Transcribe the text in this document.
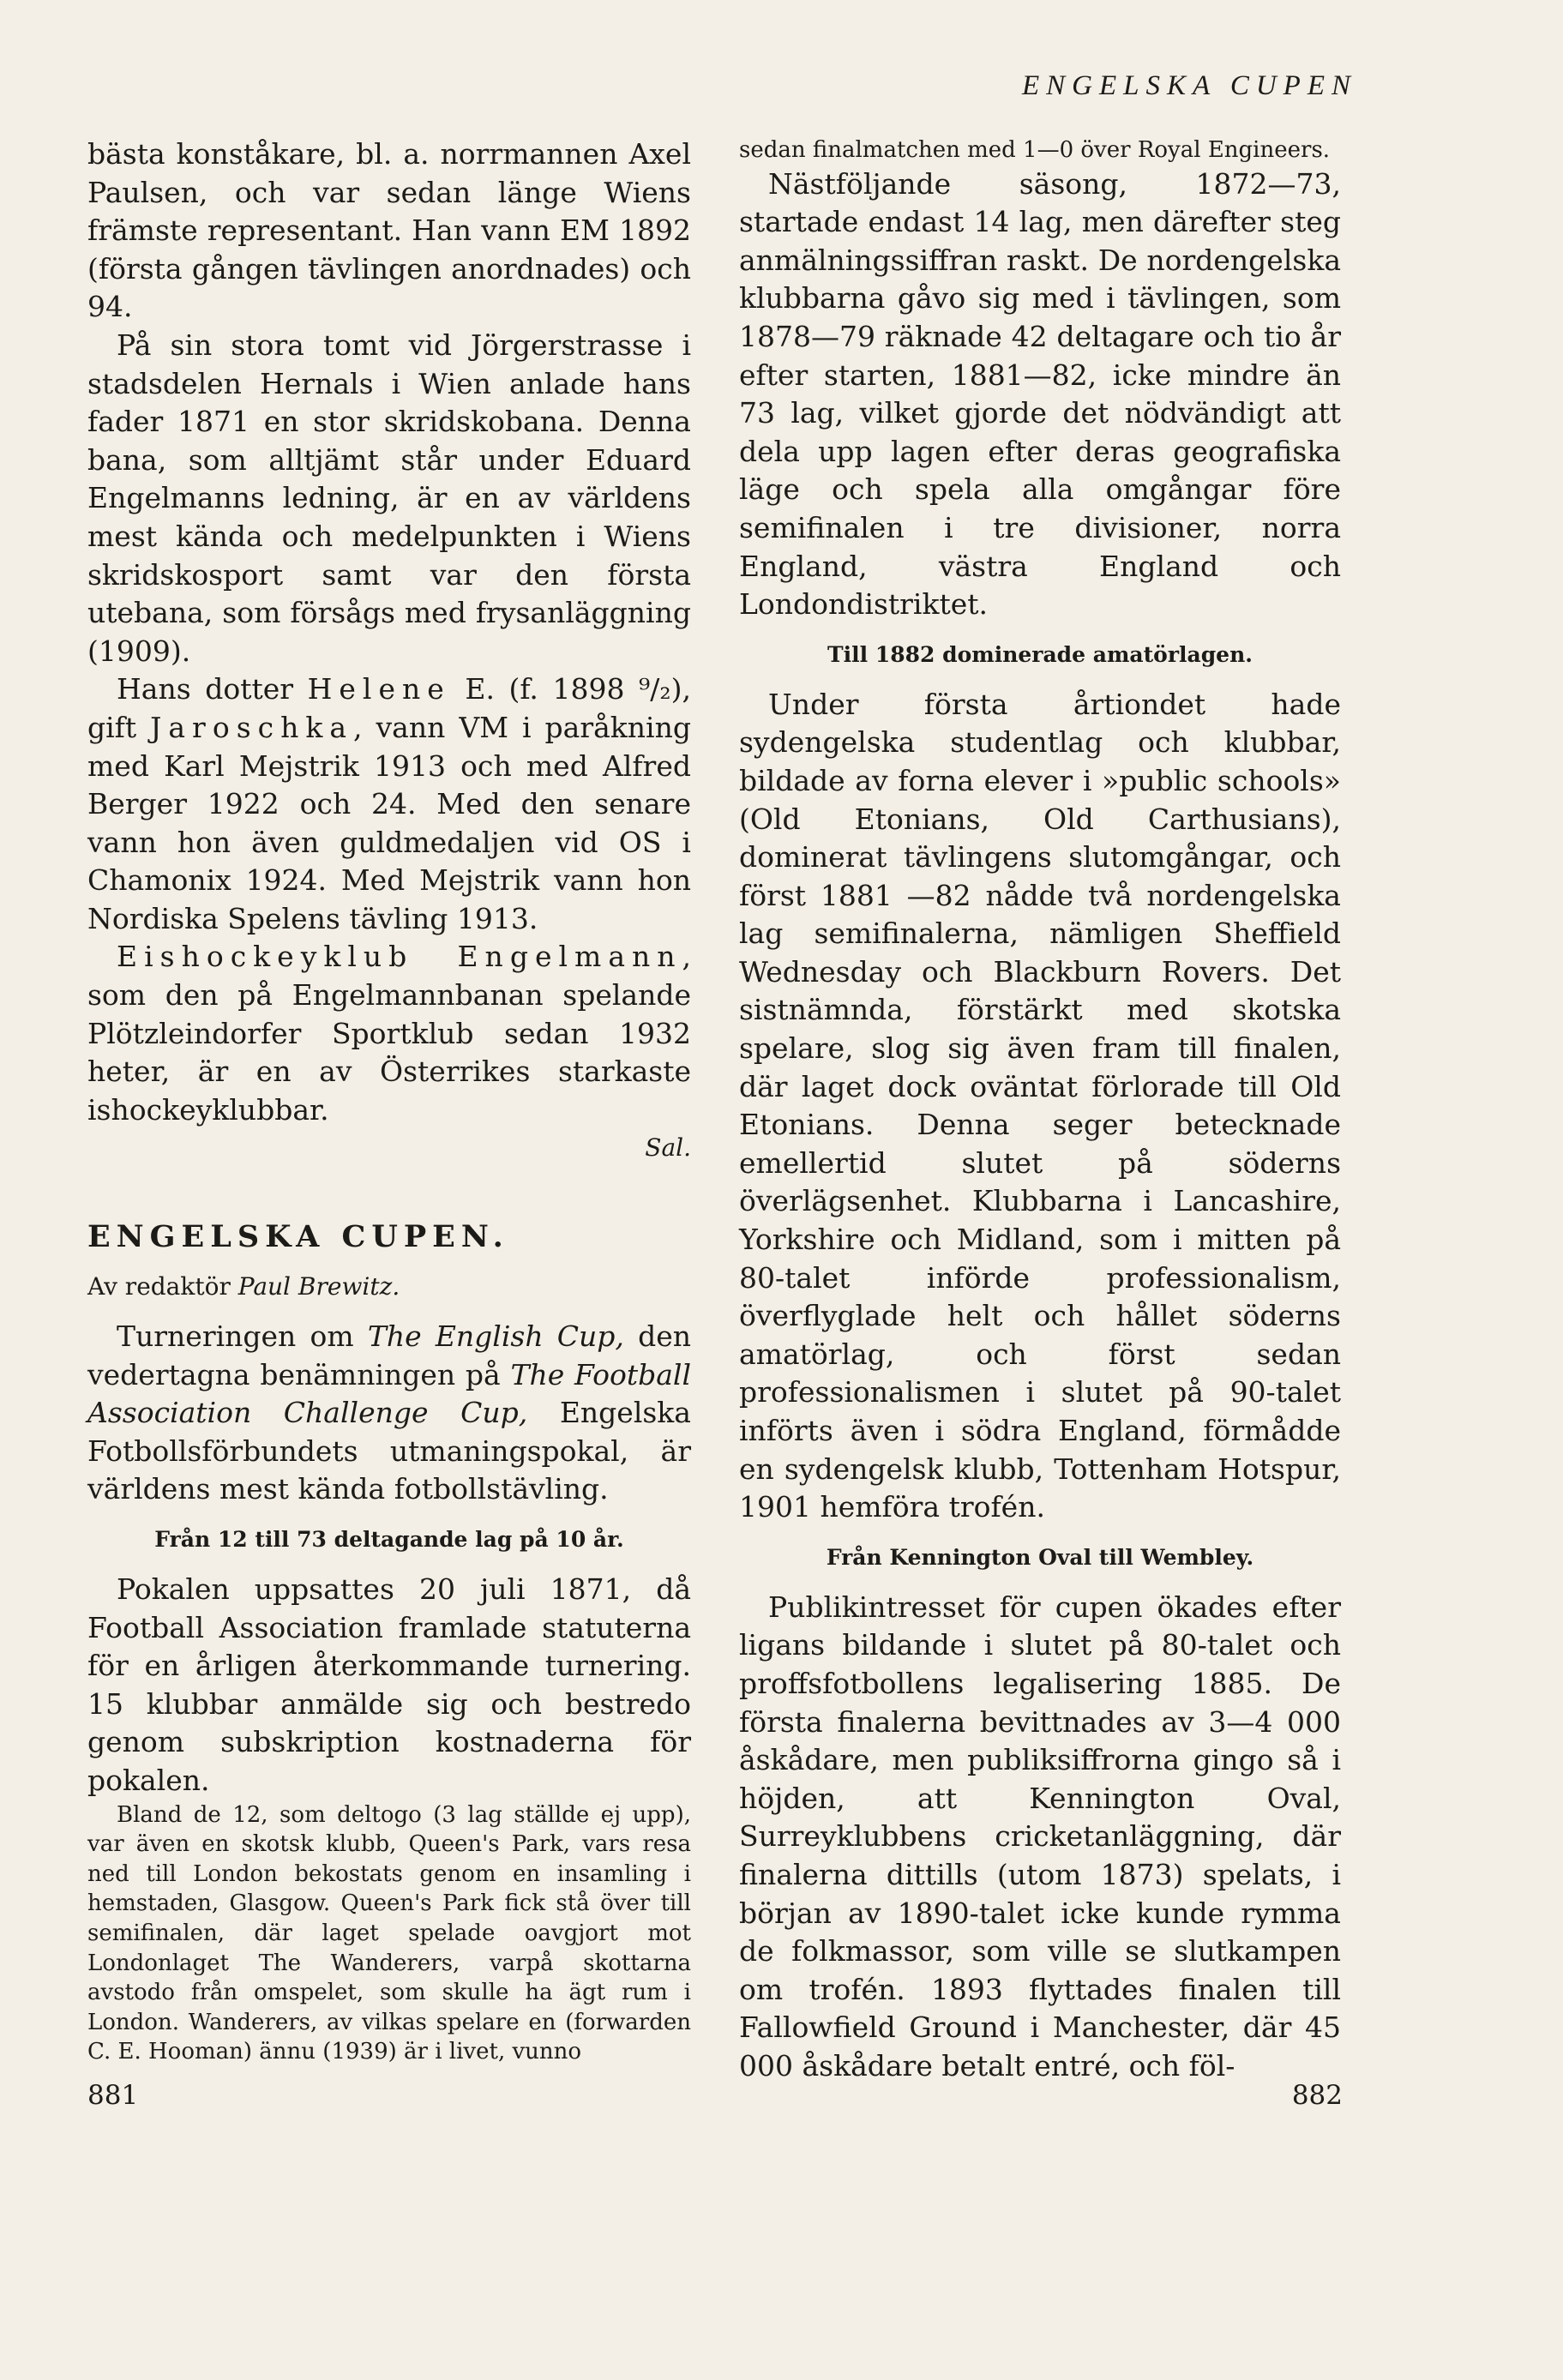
ENGELSKA CUPEN

bästa konståkare, bl. a. norrmannen Axel Paulsen, och var sedan länge Wiens främste representant. Han vann EM 1892 (första gången tävlingen anordnades) och 94.

På sin stora tomt vid Jörgerstrasse i stadsdelen Hernals i Wien anlade hans fader 1871 en stor skridskobana. Denna bana, som alltjämt står under Eduard Engelmanns ledning, är en av världens mest kända och medelpunkten i Wiens skridskosport samt var den första utebana, som försågs med frysanläggning (1909).

Hans dotter Helene E. (f. 1898 ⁹/₂), gift Jaroschka, vann VM i paråkning med Karl Mejstrik 1913 och med Alfred Berger 1922 och 24. Med den senare vann hon även guldmedaljen vid OS i Chamonix 1924. Med Mejstrik vann hon Nordiska Spelens tävling 1913.

Eishockeyklub Engelmann, som den på Engelmannbanan spelande Plötzleindorfer Sportklub sedan 1932 heter, är en av Österrikes starkaste ishockeyklubbar.
Sal.

ENGELSKA CUPEN.

Av redaktör Paul Brewitz.

Turneringen om The English Cup, den vedertagna benämningen på The Football Association Challenge Cup, Engelska Fotbollsförbundets utmaningspokal, är världens mest kända fotbollstävling.

Från 12 till 73 deltagande lag på 10 år.

Pokalen uppsattes 20 juli 1871, då Football Association framlade statuterna för en årligen återkommande turnering. 15 klubbar anmälde sig och bestredo genom subskription kostnaderna för pokalen.

Bland de 12, som deltogo (3 lag ställde ej upp), var även en skotsk klubb, Queen's Park, vars resa ned till London bekostats genom en insamling i hemstaden, Glasgow. Queen's Park fick stå över till semifinalen, där laget spelade oavgjort mot Londonlaget The Wanderers, varpå skottarna avstodo från omspelet, som skulle ha ägt rum i London. Wanderers, av vilkas spelare en (forwarden C. E. Hooman) ännu (1939) är i livet, vunno

sedan finalmatchen med 1—0 över Royal Engineers.

Nästföljande säsong, 1872—73, startade endast 14 lag, men därefter steg anmälningssiffran raskt. De nordengelska klubbarna gåvo sig med i tävlingen, som 1878—79 räknade 42 deltagare och tio år efter starten, 1881—82, icke mindre än 73 lag, vilket gjorde det nödvändigt att dela upp lagen efter deras geografiska läge och spela alla omgångar före semifinalen i tre divisioner, norra England, västra England och Londondistriktet.

Till 1882 dominerade amatörlagen.

Under första årtiondet hade sydengelska studentlag och klubbar, bildade av forna elever i »public schools» (Old Etonians, Old Carthusians), dominerat tävlingens slutomgångar, och först 1881 —82 nådde två nordengelska lag semifinalerna, nämligen Sheffield Wednesday och Blackburn Rovers. Det sistnämnda, förstärkt med skotska spelare, slog sig även fram till finalen, där laget dock oväntat förlorade till Old Etonians. Denna seger betecknade emellertid slutet på söderns överlägsenhet. Klubbarna i Lancashire, Yorkshire och Midland, som i mitten på 80-talet införde professionalism, överflyglade helt och hållet söderns amatörlag, och först sedan professionalismen i slutet på 90-talet införts även i södra England, förmådde en sydengelsk klubb, Tottenham Hotspur, 1901 hemföra trofén.

Från Kennington Oval till Wembley.

Publikintresset för cupen ökades efter ligans bildande i slutet på 80-talet och proffsfotbollens legalisering 1885. De första finalerna bevittnades av 3—4 000 åskådare, men publiksiffrorna gingo så i höjden, att Kennington Oval, Surreyklubbens cricketanläggning, där finalerna dittills (utom 1873) spelats, i början av 1890-talet icke kunde rymma de folkmassor, som ville se slutkampen om trofén. 1893 flyttades finalen till Fallowfield Ground i Manchester, där 45 000 åskådare betalt entré, och föl-

881	882
